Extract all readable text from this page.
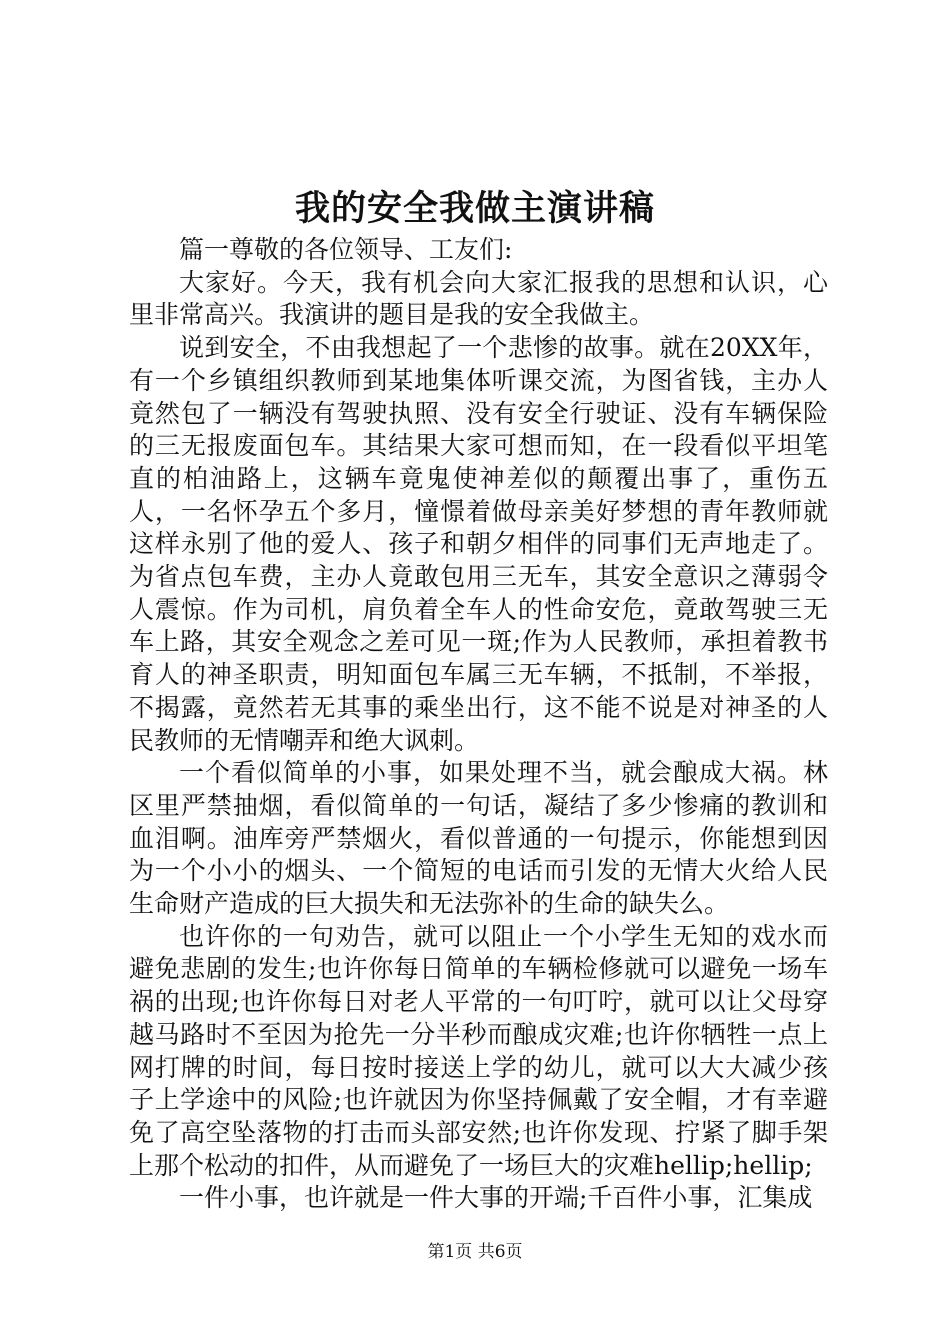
我的安全我做主演讲稿

篇一尊敬的各位领导、工友们:

大家好。今天，我有机会向大家汇报我的思想和认识，心里非常高兴。我演讲的题目是我的安全我做主。

说到安全，不由我想起了一个悲惨的故事。就在20XX年，有一个乡镇组织教师到某地集体听课交流，为图省钱，主办人竟然包了一辆没有驾驶执照、没有安全行驶证、没有车辆保险的三无报废面包车。其结果大家可想而知，在一段看似平坦笔直的柏油路上，这辆车竟鬼使神差似的颠覆出事了，重伤五人，一名怀孕五个多月，憧憬着做母亲美好梦想的青年教师就这样永别了他的爱人、孩子和朝夕相伴的同事们无声地走了。为省点包车费，主办人竟敢包用三无车，其安全意识之薄弱令人震惊。作为司机，肩负着全车人的性命安危，竟敢驾驶三无车上路，其安全观念之差可见一斑;作为人民教师，承担着教书育人的神圣职责，明知面包车属三无车辆，不抵制，不举报，不揭露，竟然若无其事的乘坐出行，这不能不说是对神圣的人民教师的无情嘲弄和绝大讽刺。

一个看似简单的小事，如果处理不当，就会酿成大祸。林区里严禁抽烟，看似简单的一句话，凝结了多少惨痛的教训和血泪啊。油库旁严禁烟火，看似普通的一句提示，你能想到因为一个小小的烟头、一个简短的电话而引发的无情大火给人民生命财产造成的巨大损失和无法弥补的生命的缺失么。

也许你的一句劝告，就可以阻止一个小学生无知的戏水而避免悲剧的发生;也许你每日简单的车辆检修就可以避免一场车祸的出现;也许你每日对老人平常的一句叮咛，就可以让父母穿越马路时不至因为抢先一分半秒而酿成灾难;也许你牺牲一点上网打牌的时间，每日按时接送上学的幼儿，就可以大大减少孩子上学途中的风险;也许就因为你坚持佩戴了安全帽，才有幸避免了高空坠落物的打击而头部安然;也许你发现、拧紧了脚手架上那个松动的扣件，从而避免了一场巨大的灾难hellip;hellip;

一件小事，也许就是一件大事的开端;千百件小事，汇集成

第1页 共6页
